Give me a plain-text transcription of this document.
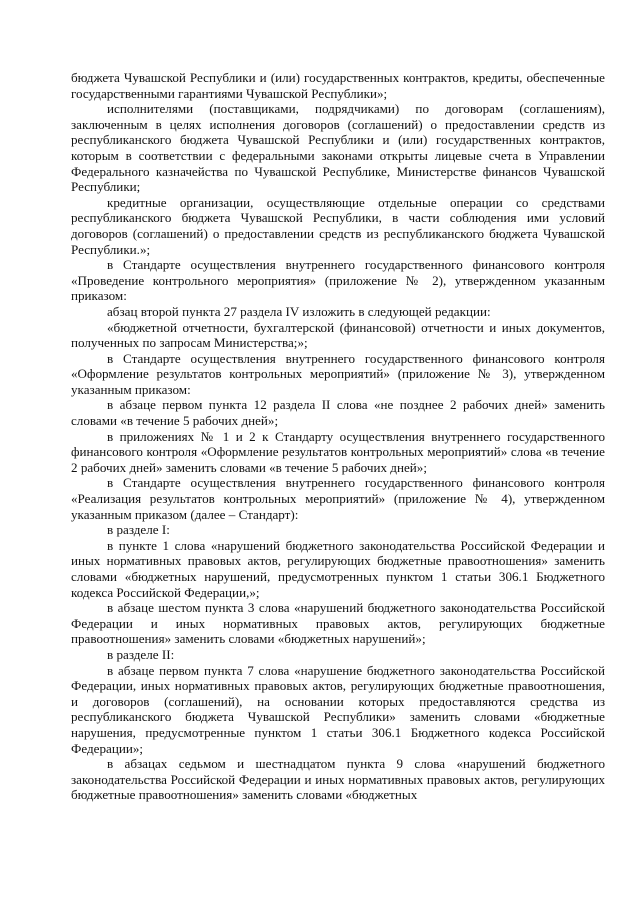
бюджета Чувашской Республики и (или) государственных контрактов, кредиты, обеспеченные государственными гарантиями Чувашской Республики»;

исполнителями (поставщиками, подрядчиками) по договорам (соглашениям), заключенным в целях исполнения договоров (соглашений) о предоставлении средств из республиканского бюджета Чувашской Республики и (или) государственных контрактов, которым в соответствии с федеральными законами открыты лицевые счета в Управлении Федерального казначейства по Чувашской Республике, Министерстве финансов Чувашской Республики;

кредитные организации, осуществляющие отдельные операции со средствами республиканского бюджета Чувашской Республики, в части соблюдения ими условий договоров (соглашений) о предоставлении средств из республиканского бюджета Чувашской Республики.»;

в Стандарте осуществления внутреннего государственного финансового контроля «Проведение контрольного мероприятия» (приложение № 2), утвержденном указанным приказом:

абзац второй пункта 27 раздела IV изложить в следующей редакции:

«бюджетной отчетности, бухгалтерской (финансовой) отчетности и иных документов, полученных по запросам Министерства;»;

в Стандарте осуществления внутреннего государственного финансового контроля «Оформление результатов контрольных мероприятий» (приложение № 3), утвержденном указанным приказом:

в абзаце первом пункта 12 раздела II слова «не позднее 2 рабочих дней» заменить словами «в течение 5 рабочих дней»;

в приложениях № 1 и 2 к Стандарту осуществления внутреннего государственного финансового контроля «Оформление результатов контрольных мероприятий» слова «в течение 2 рабочих дней» заменить словами «в течение 5 рабочих дней»;

в Стандарте осуществления внутреннего государственного финансового контроля «Реализация результатов контрольных мероприятий» (приложение № 4), утвержденном указанным приказом (далее – Стандарт):

в разделе I:

в пункте 1 слова «нарушений бюджетного законодательства Российской Федерации и иных нормативных правовых актов, регулирующих бюджетные правоотношения» заменить словами «бюджетных нарушений, предусмотренных пунктом 1 статьи 306.1 Бюджетного кодекса Российской Федерации,»;

в абзаце шестом пункта 3 слова «нарушений бюджетного законодательства Российской Федерации и иных нормативных правовых актов, регулирующих бюджетные правоотношения» заменить словами «бюджетных нарушений»;

в разделе II:

в абзаце первом пункта 7 слова «нарушение бюджетного законодательства Российской Федерации, иных нормативных правовых актов, регулирующих бюджетные правоотношения, и договоров (соглашений), на основании которых предоставляются средства из республиканского бюджета Чувашской Республики» заменить словами «бюджетные нарушения, предусмотренные пунктом 1 статьи 306.1 Бюджетного кодекса Российской Федерации»;

в абзацах седьмом и шестнадцатом пункта 9 слова «нарушений бюджетного законодательства Российской Федерации и иных нормативных правовых актов, регулирующих бюджетные правоотношения» заменить словами «бюджетных
